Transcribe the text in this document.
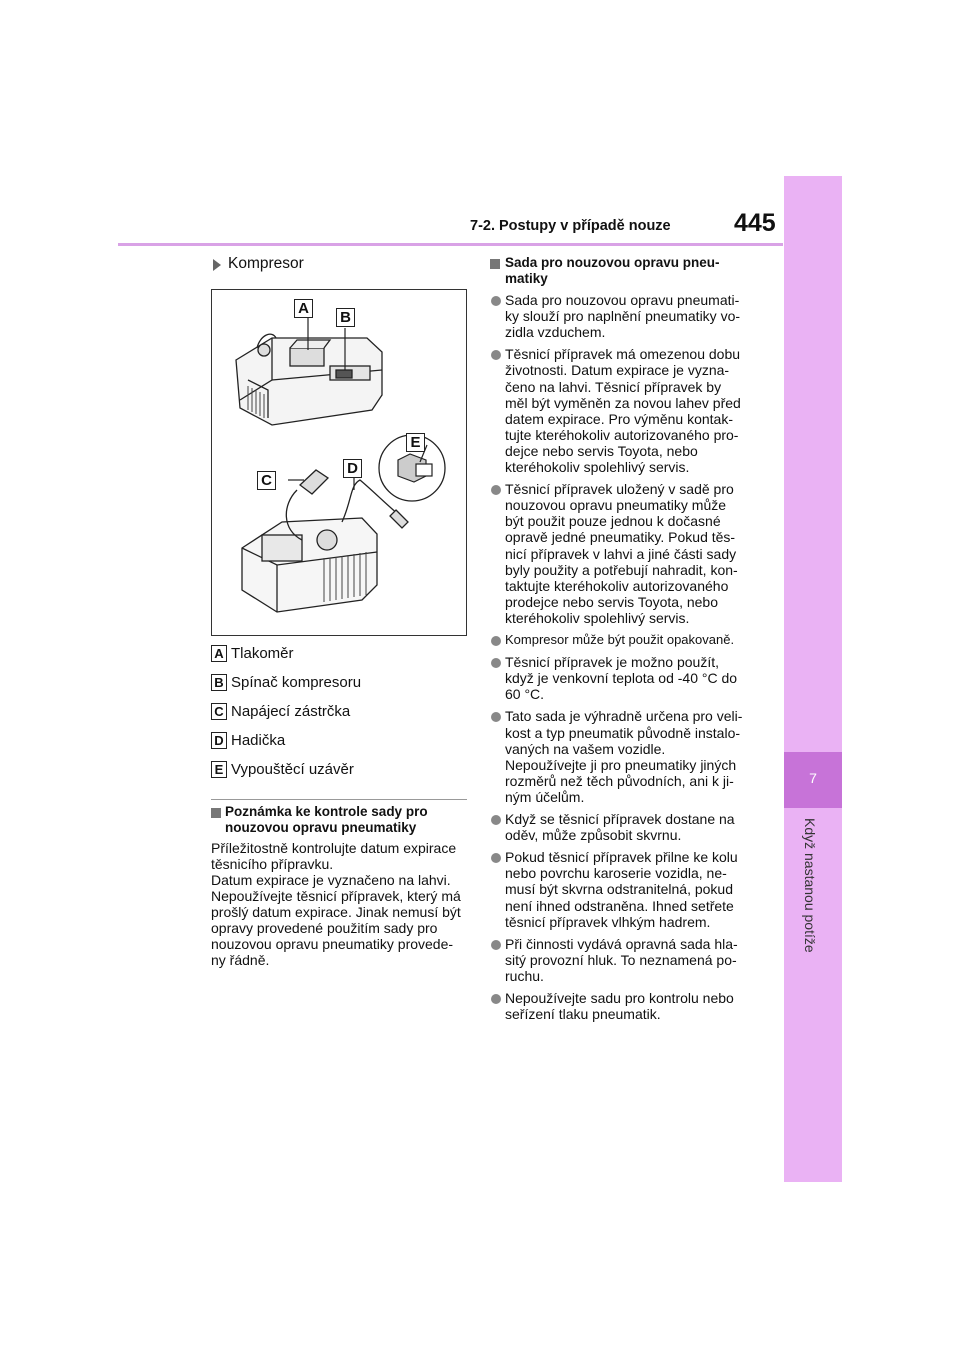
7
Když nastanou potíže
7-2. Postupy v případě nouze	445
Kompresor
A
B
C
D
E
A Tlakoměr
B Spínač kompresoru
C Napájecí zástrčka
D Hadička
E Vypouštěcí uzávěr
Poznámka ke kontrole sady pro
nouzovou opravu pneumatiky
Příležitostně kontrolujte datum expirace
těsnicího přípravku.
Datum expirace je vyznačeno na lahvi.
Nepoužívejte těsnicí přípravek, který má
prošlý datum expirace. Jinak nemusí být
opravy provedené použitím sady pro
nouzovou opravu pneumatiky provede-
ny řádně.
Sada pro nouzovou opravu pneu-
matiky
Sada pro nouzovou opravu pneumati-
ky slouží pro naplnění pneumatiky vo-
zidla vzduchem.
Těsnicí přípravek má omezenou dobu
životnosti. Datum expirace je vyzna-
čeno na lahvi. Těsnicí přípravek by
měl být vyměněn za novou lahev před
datem expirace. Pro výměnu kontak-
tujte kteréhokoliv autorizovaného pro-
dejce nebo servis Toyota, nebo
kteréhokoliv spolehlivý servis.
Těsnicí přípravek uložený v sadě pro
nouzovou opravu pneumatiky může
být použit pouze jednou k dočasné
opravě jedné pneumatiky. Pokud těs-
nicí přípravek v lahvi a jiné části sady
byly použity a potřebují nahradit, kon-
taktujte kteréhokoliv autorizovaného
prodejce nebo servis Toyota, nebo
kteréhokoliv spolehlivý servis.
Kompresor může být použit opakovaně.
Těsnicí přípravek je možno použít,
když je venkovní teplota od -40 °C do
60 °C.
Tato sada je výhradně určena pro veli-
kost a typ pneumatik původně instalo-
vaných na vašem vozidle.
Nepoužívejte ji pro pneumatiky jiných
rozměrů než těch původních, ani k ji-
ným účelům.
Když se těsnicí přípravek dostane na
oděv, může způsobit skvrnu.
Pokud těsnicí přípravek přilne ke kolu
nebo povrchu karoserie vozidla, ne-
musí být skvrna odstranitelná, pokud
není ihned odstraněna. Ihned setřete
těsnicí přípravek vlhkým hadrem.
Při činnosti vydává opravná sada hla-
sitý provozní hluk. To neznamená po-
ruchu.
Nepoužívejte sadu pro kontrolu nebo
seřízení tlaku pneumatik.
